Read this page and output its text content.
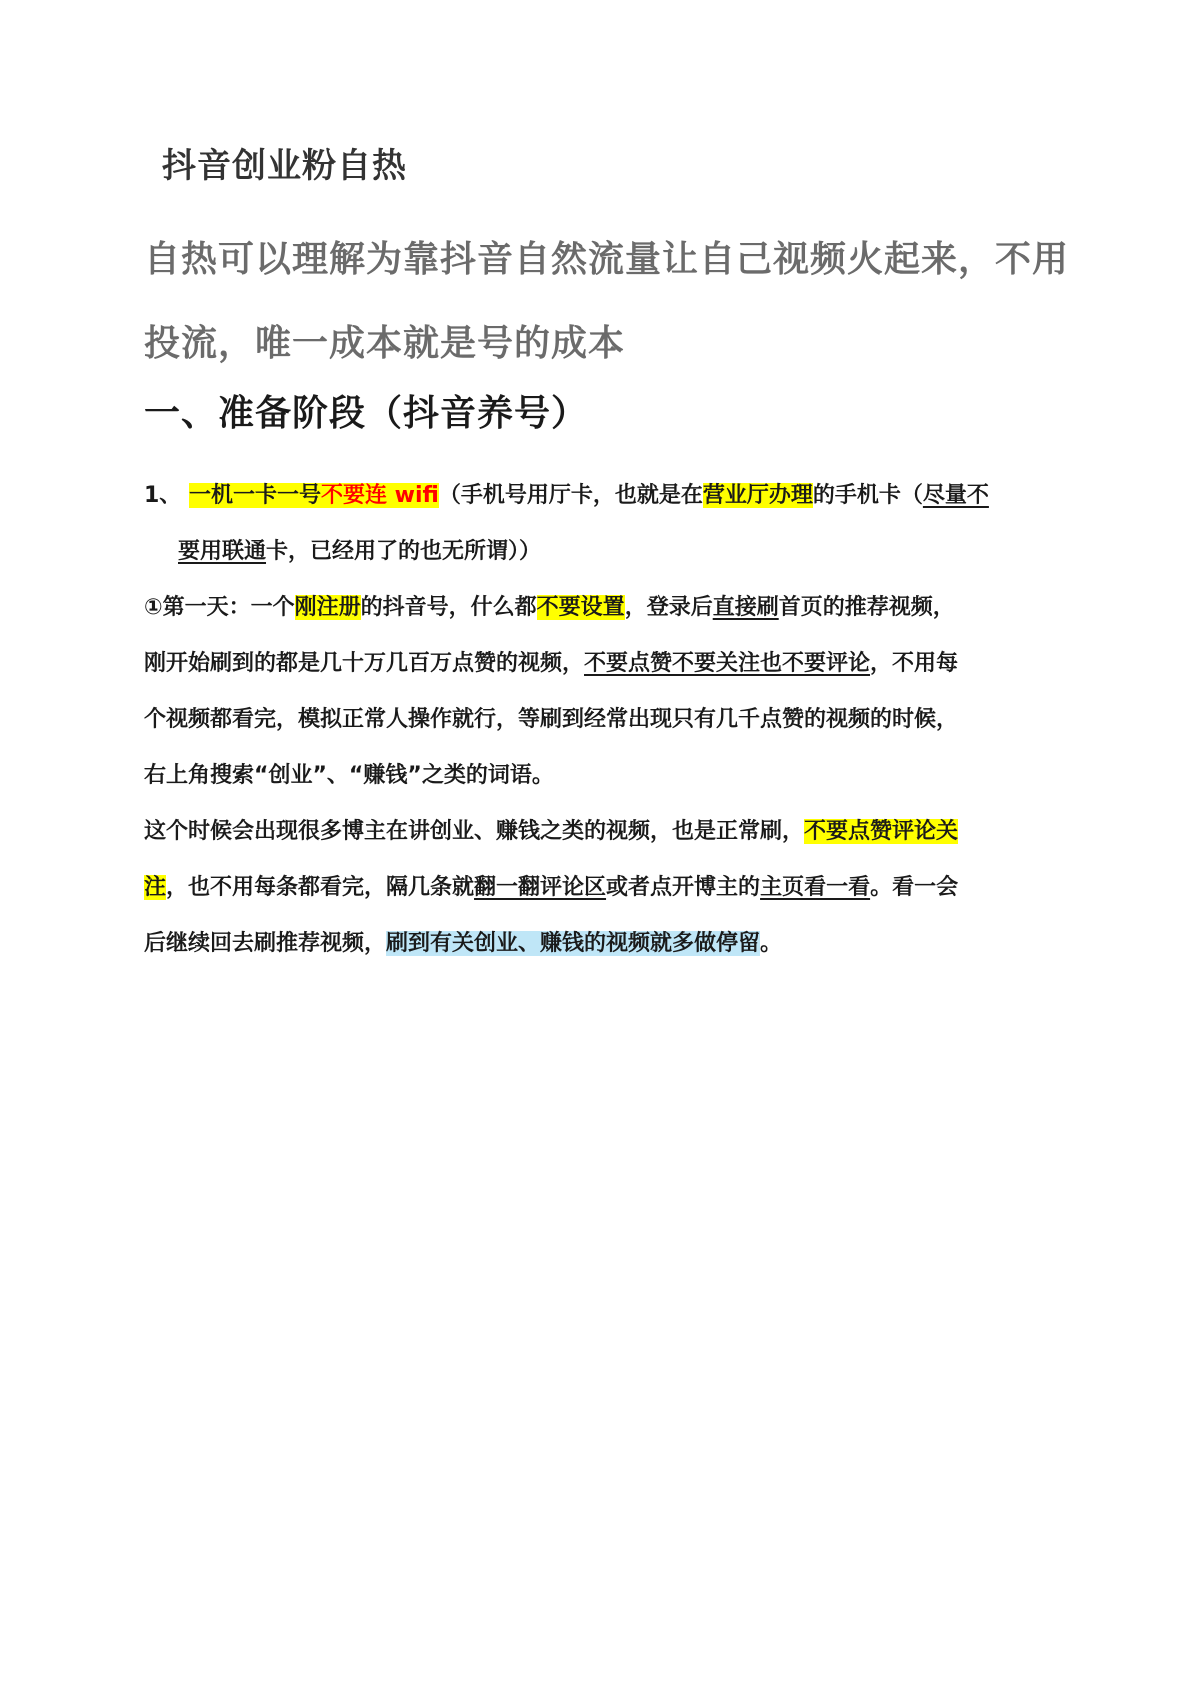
抖音创业粉自热
自热可以理解为靠抖音自然流量让自己视频火起来，不用
投流，唯一成本就是号的成本
一、准备阶段（抖音养号）
1、 一机一卡一号不要连 wifi（手机号用厅卡，也就是在营业厅办理的手机卡（尽量不
要用联通卡，已经用了的也无所谓））
①第一天：一个刚注册的抖音号，什么都不要设置，登录后直接刷首页的推荐视频，
刚开始刷到的都是几十万几百万点赞的视频，不要点赞不要关注也不要评论，不用每
个视频都看完，模拟正常人操作就行，等刷到经常出现只有几千点赞的视频的时候，
右上角搜索“创业”、“赚钱”之类的词语。
这个时候会出现很多博主在讲创业、赚钱之类的视频，也是正常刷，不要点赞评论关
注，也不用每条都看完，隔几条就翻一翻评论区或者点开博主的主页看一看。看一会
后继续回去刷推荐视频，刷到有关创业、赚钱的视频就多做停留。
